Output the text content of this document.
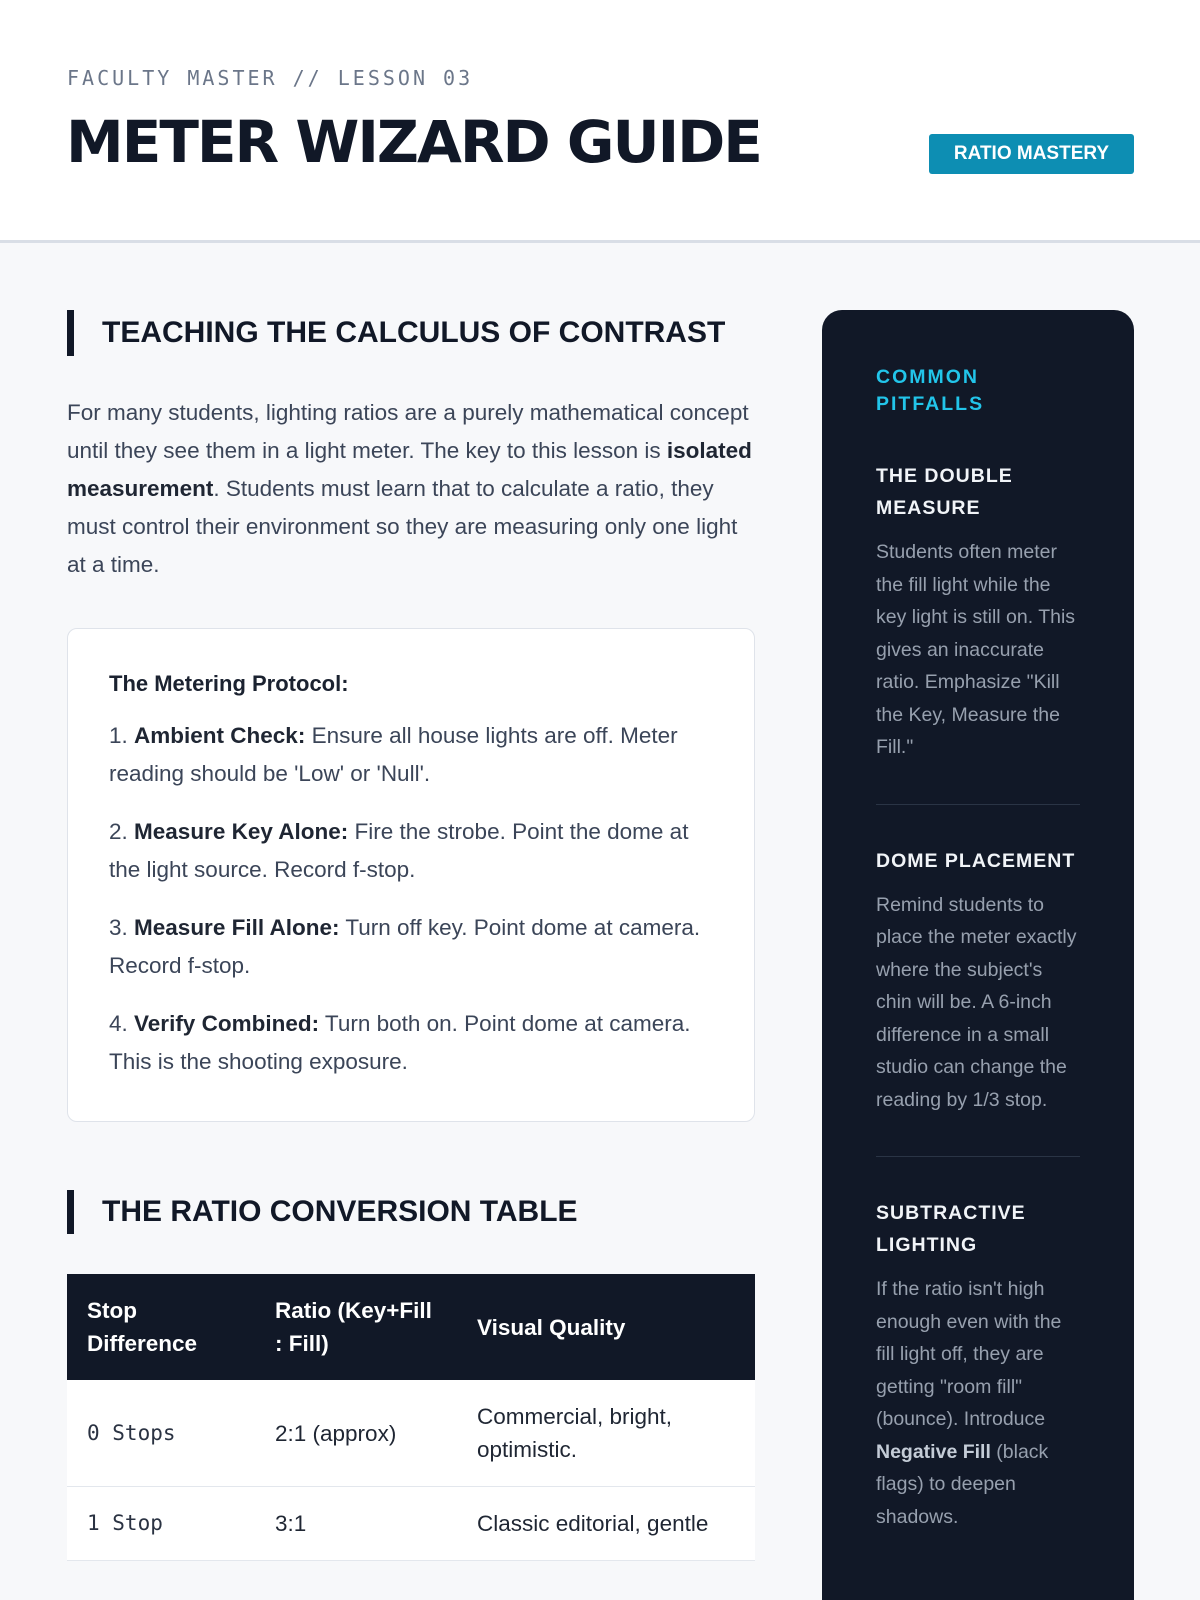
FACULTY MASTER // LESSON 03
METER WIZARD GUIDE	RATIO MASTERY
TEACHING THE CALCULUS OF CONTRAST

For many students, lighting ratios are a purely mathematical concept until they see them in a light meter. The key to this lesson is isolated measurement. Students must learn that to calculate a ratio, they must control their environment so they are measuring only one light at a time.

The Metering Protocol:

1. Ambient Check: Ensure all house lights are off. Meter reading should be 'Low' or 'Null'.

2. Measure Key Alone: Fire the strobe. Point the dome at the light source. Record f-stop.

3. Measure Fill Alone: Turn off key. Point dome at camera. Record f-stop.

4. Verify Combined: Turn both on. Point dome at camera. This is the shooting exposure.

THE RATIO CONVERSION TABLE
Stop Difference	Ratio (Key+Fill : Fill)	Visual Quality
0 Stops	2:1 (approx)	Commercial, bright, optimistic.
1 Stop	3:1	Classic editorial, gentle
COMMON PITFALLS
THE DOUBLE MEASURE

Students often meter the fill light while the key light is still on. This gives an inaccurate ratio. Emphasize "Kill the Key, Measure the Fill."

DOME PLACEMENT

Remind students to place the meter exactly where the subject's chin will be. A 6-inch difference in a small studio can change the reading by 1/3 stop.

SUBTRACTIVE LIGHTING

If the ratio isn't high enough even with the fill light off, they are getting "room fill" (bounce). Introduce Negative Fill (black flags) to deepen shadows.
